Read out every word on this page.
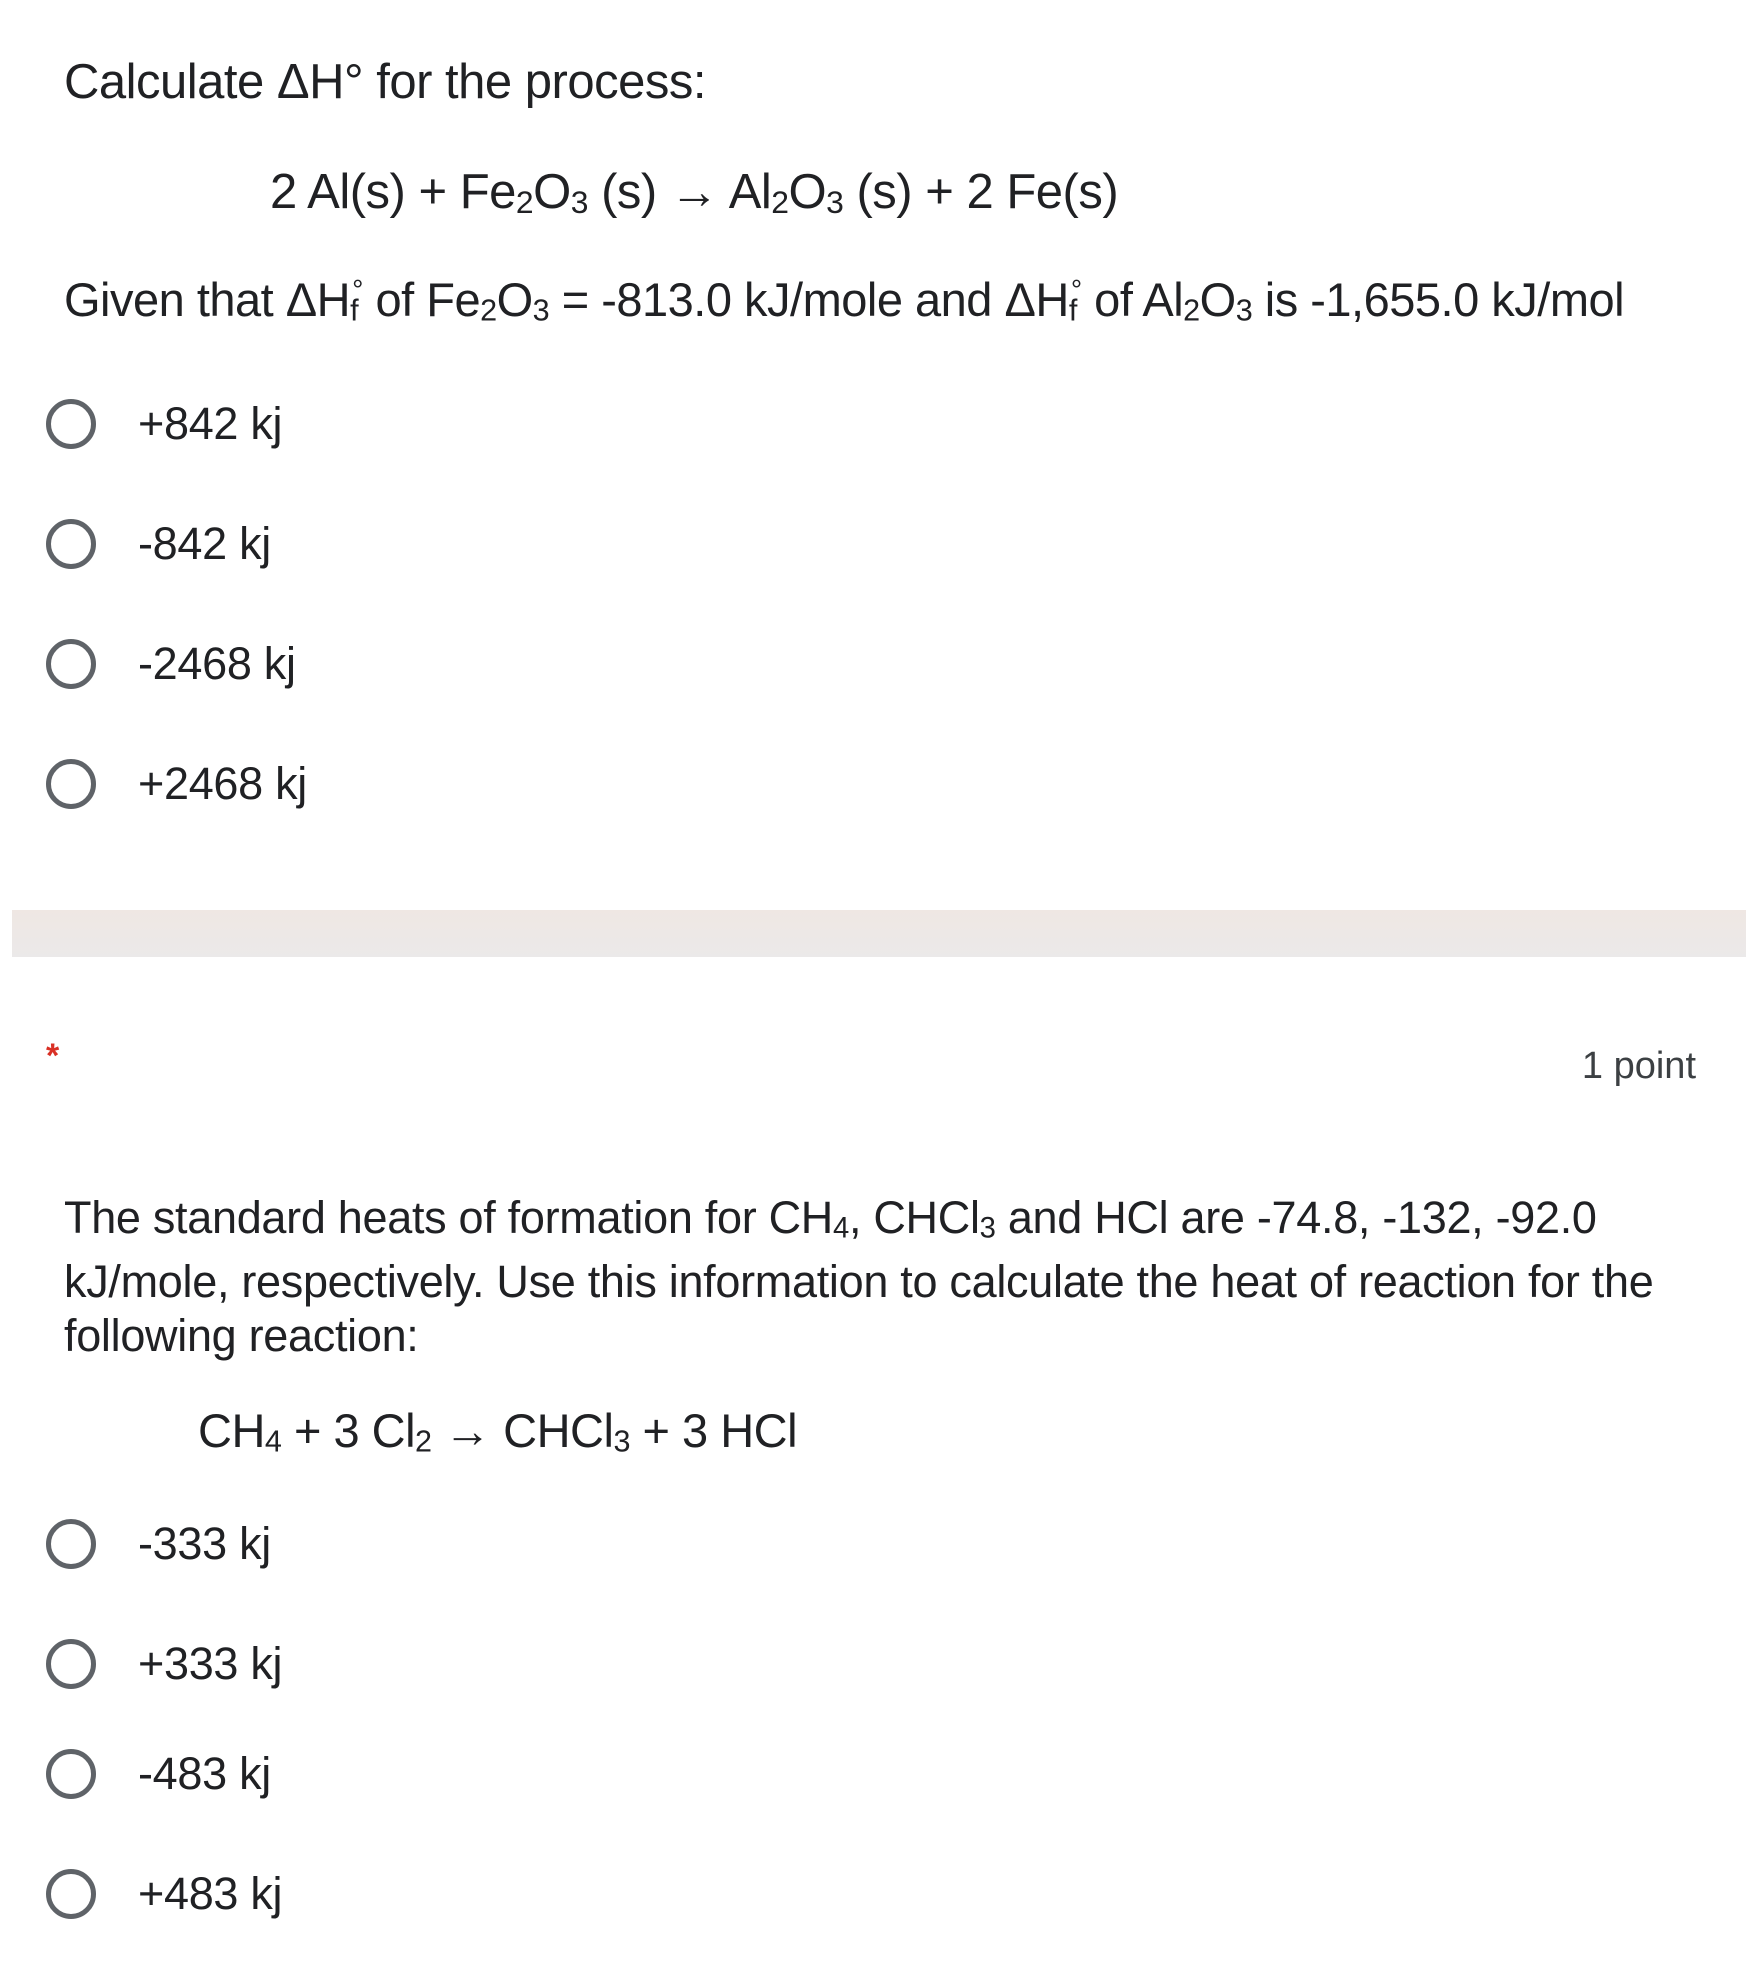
Calculate ΔH° for the process:
2 $Al(s) + Fe_2O_3$ $(s) \to Al_2O_3$ (s) + 2 Fe(s)
Given that $\Delta H_f^\circ$ of $Fe_2O_3 = -813.0$ kJ/mole and $\Delta H_f^\circ$ of $Al_2O_3$ is -1,655.0 kJ/mol
+842 kj
-842 kj
-2468 kj
+2468 kj
*	1 point
The standard heats of formation for $CH_4$, CHCl$_3$ and HCl are -74.8, -132, -92.0
kJ/mole, respectively. Use this information to calculate the heat of reaction for the
following reaction:
$CH_4 + 3$ $Cl_2$ → CHCl$_3$ + 3 HCl
-333 kj
+333 kj
-483 kj
+483 kj
